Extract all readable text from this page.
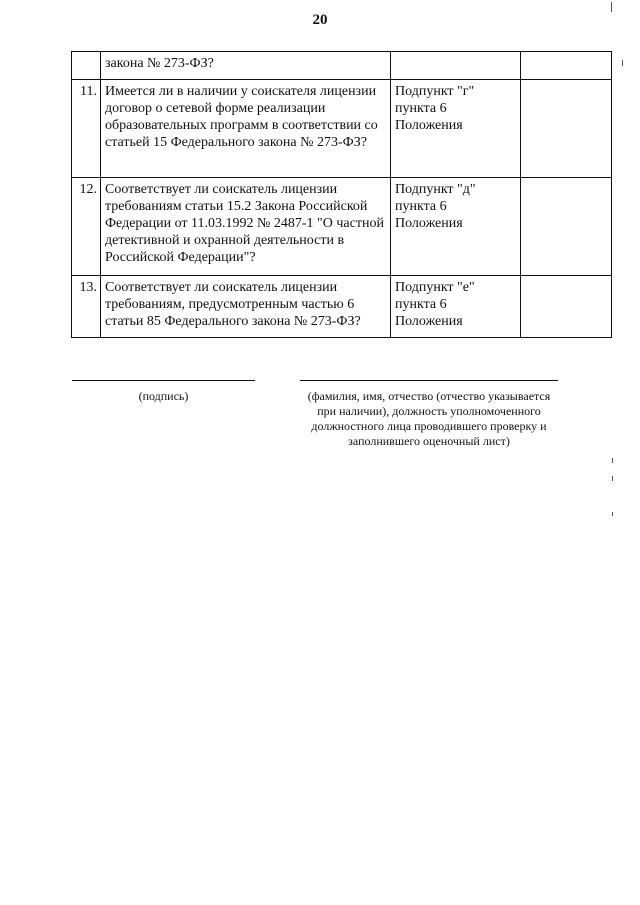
20
	закона № 273-ФЗ?		
11.	Имеется ли в наличии у соискателя лицензии договор о сетевой форме реализации образовательных программ в соответствии со статьей 15 Федерального закона № 273-ФЗ?	Подпункт "г" пункта 6 Положения	
12.	Соответствует ли соискатель лицензии требованиям статьи 15.2 Закона Российской Федерации от 11.03.1992 № 2487-1 "О частной детективной и охранной деятельности в Российской Федерации"?	Подпункт "д" пункта 6 Положения	
13.	Соответствует ли соискатель лицензии требованиям, предусмотренным частью 6 статьи 85 Федерального закона № 273-ФЗ?	Подпункт "е" пункта 6 Положения	
(подпись)	(фамилия, имя, отчество (отчество указывается при наличии), должность уполномоченного должностного лица проводившего проверку и заполнившего оценочный лист)
